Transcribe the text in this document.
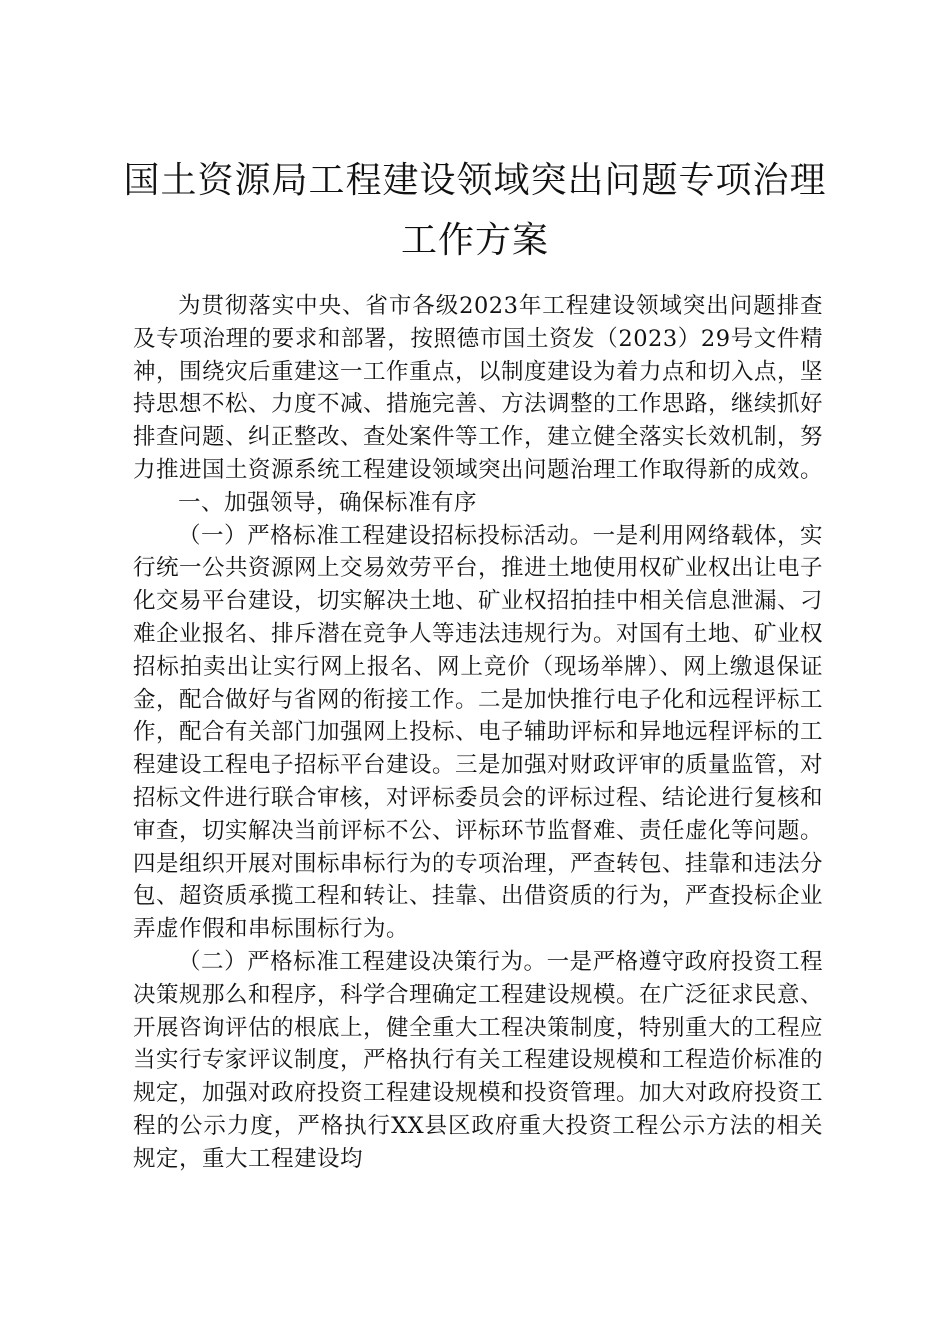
国土资源局工程建设领域突出问题专项治理
工作方案

为贯彻落实中央、省市各级2023年工程建设领域突出问题排查及专项治理的要求和部署，按照德市国土资发（2023）29号文件精神，围绕灾后重建这一工作重点，以制度建设为着力点和切入点，坚持思想不松、力度不减、措施完善、方法调整的工作思路，继续抓好排查问题、纠正整改、查处案件等工作，建立健全落实长效机制，努力推进国土资源系统工程建设领域突出问题治理工作取得新的成效。

一、加强领导，确保标准有序

（一）严格标准工程建设招标投标活动。一是利用网络载体，实行统一公共资源网上交易效劳平台，推进土地使用权矿业权出让电子化交易平台建设，切实解决土地、矿业权招拍挂中相关信息泄漏、刁难企业报名、排斥潜在竞争人等违法违规行为。对国有土地、矿业权招标拍卖出让实行网上报名、网上竞价（现场举牌）、网上缴退保证金，配合做好与省网的衔接工作。二是加快推行电子化和远程评标工作，配合有关部门加强网上投标、电子辅助评标和异地远程评标的工程建设工程电子招标平台建设。三是加强对财政评审的质量监管，对招标文件进行联合审核，对评标委员会的评标过程、结论进行复核和审查，切实解决当前评标不公、评标环节监督难、责任虚化等问题。四是组织开展对围标串标行为的专项治理，严查转包、挂靠和违法分包、超资质承揽工程和转让、挂靠、出借资质的行为，严查投标企业弄虚作假和串标围标行为。

（二）严格标准工程建设决策行为。一是严格遵守政府投资工程决策规那么和程序，科学合理确定工程建设规模。在广泛征求民意、开展咨询评估的根底上，健全重大工程决策制度，特别重大的工程应当实行专家评议制度，严格执行有关工程建设规模和工程造价标准的规定，加强对政府投资工程建设规模和投资管理。加大对政府投资工程的公示力度，严格执行XX县区政府重大投资工程公示方法的相关规定，重大工程建设均
